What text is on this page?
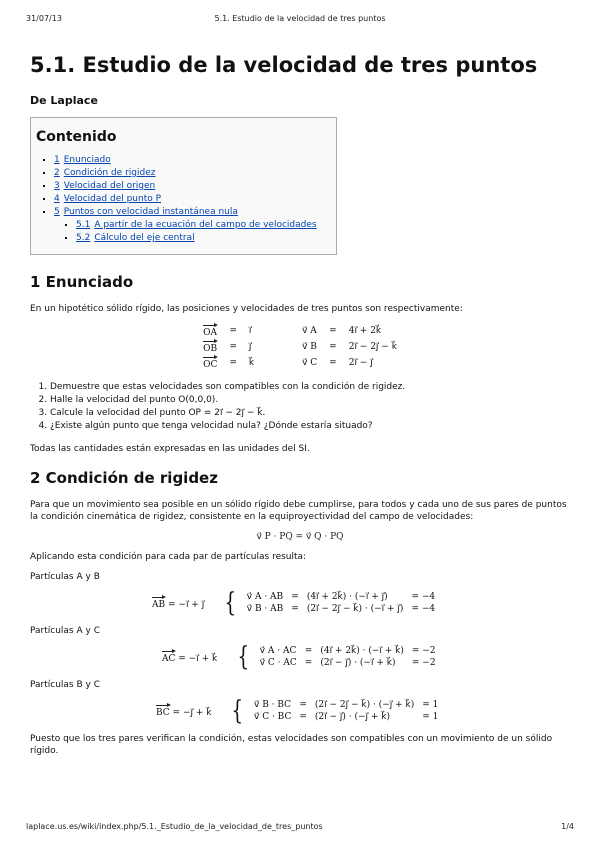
31/07/13	5.1. Estudio de la velocidad de tres puntos
5.1. Estudio de la velocidad de tres puntos
De Laplace
Contenido
▪ 1 Enunciado
▪ 2 Condición de rigidez
▪ 3 Velocidad del origen
▪ 4 Velocidad del punto P
▪ 5 Puntos con velocidad instantánea nula
▪ 5.1 A partir de la ecuación del campo de velocidades
▪ 5.2 Cálculo del eje central
1 Enunciado

En un hipotético sólido rígido, las posiciones y velocidades de tres puntos son respectivamente:

OA	=	ı⃗		v⃗ A	=	4ı⃗ + 2k⃗
OB	=	ȷ⃗		v⃗ B	=	2ı⃗ − 2ȷ⃗ − k⃗
OC	=	k⃗		v⃗ C	=	2ı⃗ − ȷ⃗
1. Demuestre que estas velocidades son compatibles con la condición de rigidez.
2. Halle la velocidad del punto O(0,0,0).
3. Calcule la velocidad del punto OP = 2ı⃗ − 2ȷ⃗ − k⃗.
4. ¿Existe algún punto que tenga velocidad nula? ¿Dónde estaría situado?

Todas las cantidades están expresadas en las unidades del SI.

2 Condición de rigidez

Para que un movimiento sea posible en un sólido rígido debe cumplirse, para todos y cada uno de sus pares de puntos la condición cinemática de rigidez, consistente en la equiproyectividad del campo de velocidades:

v⃗ P · PQ = v⃗ Q · PQ

Aplicando esta condición para cada par de partículas resulta:

Partículas A y B

AB = −ı⃗ + ȷ⃗ { v⃗ A · AB	=	(4ı⃗ + 2k⃗) · (−ı⃗ + ȷ⃗)	= −4
v⃗ B · AB	=	(2ı⃗ − 2ȷ⃗ − k⃗) · (−ı⃗ + ȷ⃗)	= −4

Partículas A y C

AC = −ı⃗ + k⃗ { v⃗ A · AC	=	(4ı⃗ + 2k⃗) · (−ı⃗ + k⃗)	= −2
v⃗ C · AC	=	(2ı⃗ − ȷ⃗) · (−ı⃗ + k⃗)	= −2

Partículas B y C

BC = −ȷ⃗ + k⃗ { v⃗ B · BC	=	(2ı⃗ − 2ȷ⃗ − k⃗) · (−ȷ⃗ + k⃗)	= 1
v⃗ C · BC	=	(2ı⃗ − ȷ⃗) · (−ȷ⃗ + k⃗)	= 1

Puesto que los tres pares verifican la condición, estas velocidades son compatibles con un movimiento de un sólido rígido.

laplace.us.es/wiki/index.php/5.1._Estudio_de_la_velocidad_de_tres_puntos	1/4
